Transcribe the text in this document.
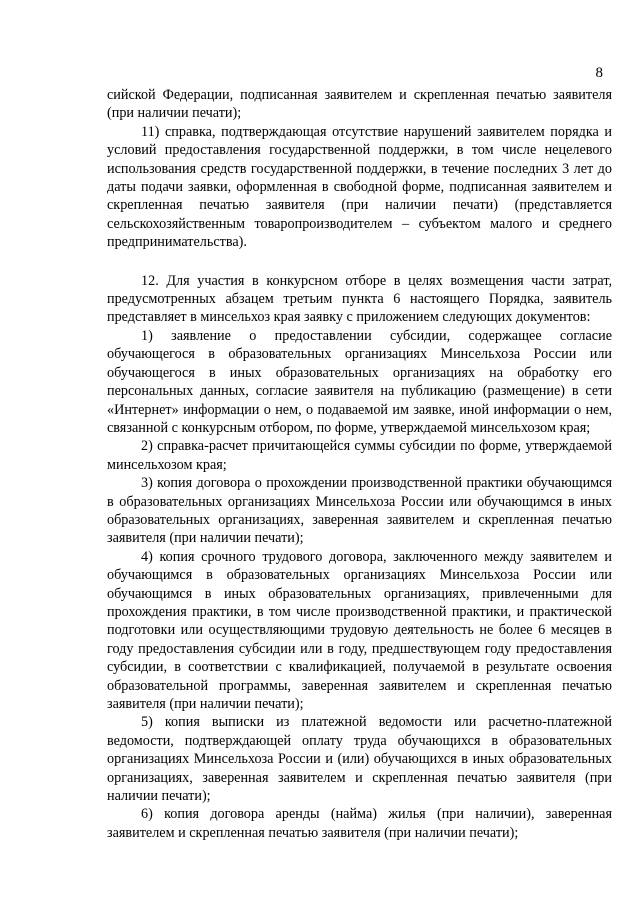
8

сийской Федерации, подписанная заявителем и скрепленная печатью заявителя (при наличии печати);

11) справка, подтверждающая отсутствие нарушений заявителем порядка и условий предоставления государственной поддержки, в том числе нецелевого использования средств государственной поддержки, в течение последних 3 лет до даты подачи заявки, оформленная в свободной форме, подписанная заявителем и скрепленная печатью заявителя (при наличии печати) (представляется сельскохозяйственным товаропроизводителем – субъектом малого и среднего предпринимательства).

12. Для участия в конкурсном отборе в целях возмещения части затрат, предусмотренных абзацем третьим пункта 6 настоящего Порядка, заявитель представляет в минсельхоз края заявку с приложением следующих документов:

1) заявление о предоставлении субсидии, содержащее согласие обучающегося в образовательных организациях Минсельхоза России или обучающегося в иных образовательных организациях на обработку его персональных данных, согласие заявителя на публикацию (размещение) в сети «Интернет» информации о нем, о подаваемой им заявке, иной информации о нем, связанной с конкурсным отбором, по форме, утверждаемой минсельхозом края;

2) справка-расчет причитающейся суммы субсидии по форме, утверждаемой минсельхозом края;

3) копия договора о прохождении производственной практики обучающимся в образовательных организациях Минсельхоза России или обучающимся в иных образовательных организациях, заверенная заявителем и скрепленная печатью заявителя (при наличии печати);

4) копия срочного трудового договора, заключенного между заявителем и обучающимся в образовательных организациях Минсельхоза России или обучающимся в иных образовательных организациях, привлеченными для прохождения практики, в том числе производственной практики, и практической подготовки или осуществляющими трудовую деятельность не более 6 месяцев в году предоставления субсидии или в году, предшествующем году предоставления субсидии, в соответствии с квалификацией, получаемой в результате освоения образовательной программы, заверенная заявителем и скрепленная печатью заявителя (при наличии печати);

5) копия выписки из платежной ведомости или расчетно-платежной ведомости, подтверждающей оплату труда обучающихся в образовательных организациях Минсельхоза России и (или) обучающихся в иных образовательных организациях, заверенная заявителем и скрепленная печатью заявителя (при наличии печати);

6) копия договора аренды (найма) жилья (при наличии), заверенная заявителем и скрепленная печатью заявителя (при наличии печати);
